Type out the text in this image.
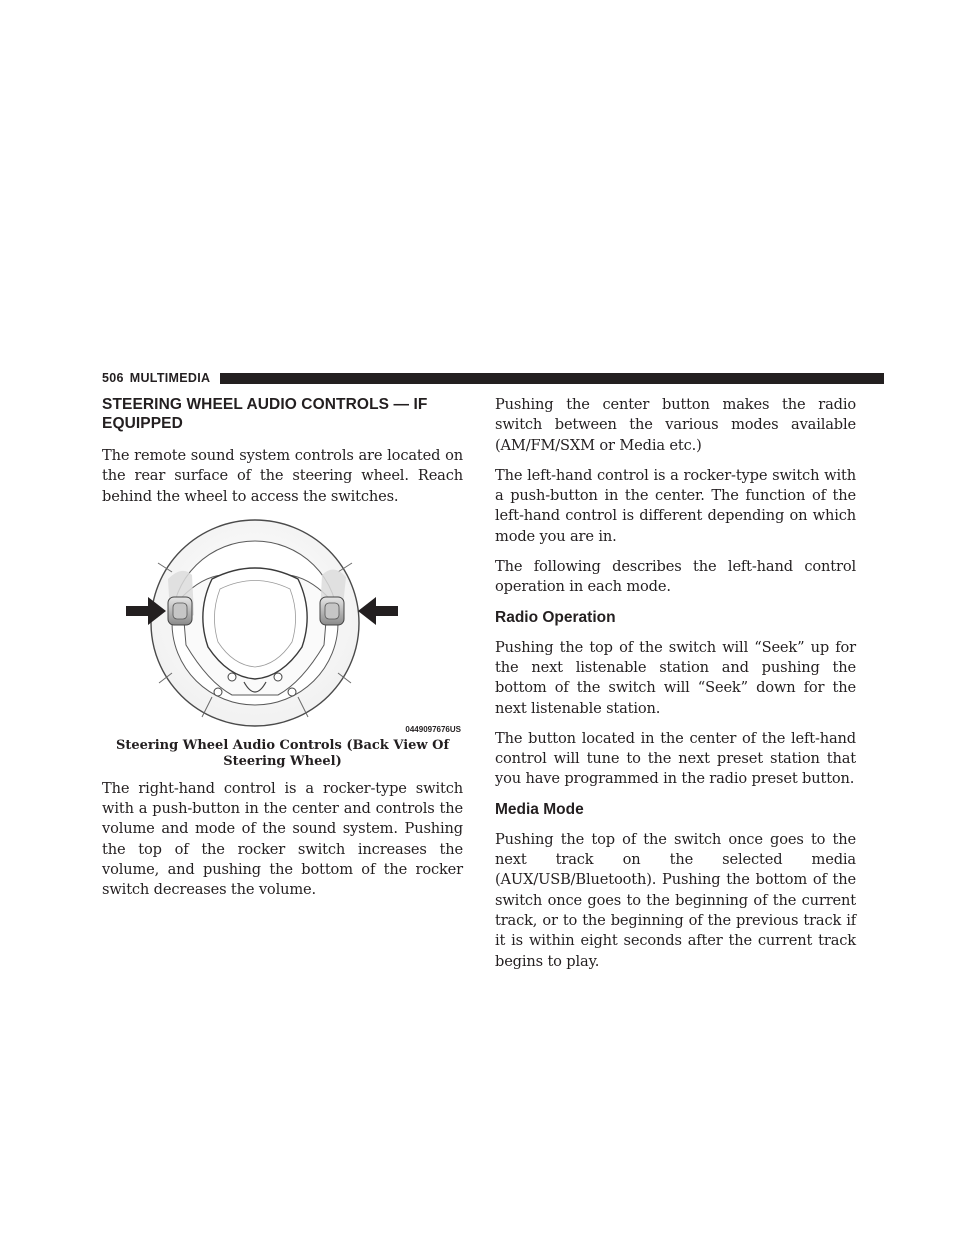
506 MULTIMEDIA
STEERING WHEEL AUDIO CONTROLS — IF EQUIPPED

The remote sound system controls are located on the rear surface of the steering wheel. Reach behind the wheel to access the switches.

0449097676US
Steering Wheel Audio Controls (Back View Of Steering Wheel)

The right-hand control is a rocker-type switch with a push-button in the center and controls the volume and mode of the sound system. Pushing the top of the rocker switch increases the volume, and pushing the bottom of the rocker switch decreases the volume.

Pushing the center button makes the radio switch between the various modes available (AM/FM/SXM or Media etc.)

The left-hand control is a rocker-type switch with a push-button in the center. The function of the left-hand control is different depending on which mode you are in.

The following describes the left-hand control operation in each mode.

Radio Operation

Pushing the top of the switch will “Seek” up for the next listenable station and pushing the bottom of the switch will “Seek” down for the next listenable station.

The button located in the center of the left-hand control will tune to the next preset station that you have programmed in the radio preset button.

Media Mode

Pushing the top of the switch once goes to the next track on the selected media (AUX/USB/Bluetooth). Pushing the bottom of the switch once goes to the beginning of the current track, or to the beginning of the previous track if it is within eight seconds after the current track begins to play.
